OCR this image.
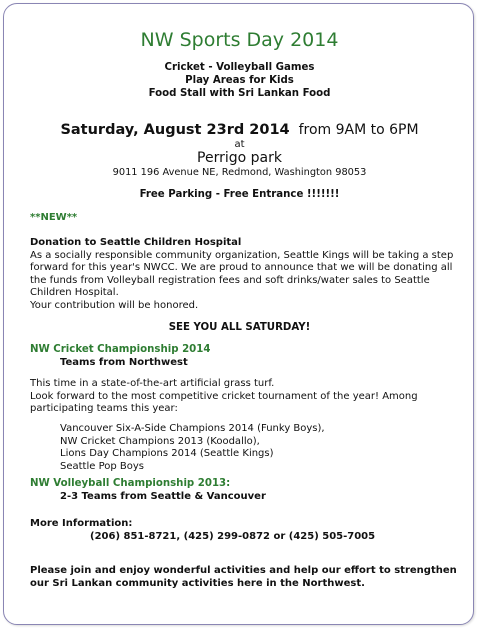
NW Sports Day 2014
Cricket - Volleyball Games
Play Areas for Kids
Food Stall with Sri Lankan Food
Saturday, August 23rd 2014 from 9AM to 6PM
at
Perrigo park
9011 196 Avenue NE, Redmond, Washington 98053
Free Parking - Free Entrance !!!!!!!
**NEW**
Donation to Seattle Children Hospital
As a socially responsible community organization, Seattle Kings will be taking a step
forward for this year's NWCC. We are proud to announce that we will be donating all
the funds from Volleyball registration fees and soft drinks/water sales to Seattle
Children Hospital.
Your contribution will be honored.
SEE YOU ALL SATURDAY!
NW Cricket Championship 2014
Teams from Northwest
This time in a state-of-the-art artificial grass turf.
Look forward to the most competitive cricket tournament of the year! Among
participating teams this year:
Vancouver Six-A-Side Champions 2014 (Funky Boys),
NW Cricket Champions 2013 (Koodallo),
Lions Day Champions 2014 (Seattle Kings)
Seattle Pop Boys
NW Volleyball Championship 2013:
2-3 Teams from Seattle & Vancouver
More Information:
(206) 851-8721, (425) 299-0872 or (425) 505-7005
Please join and enjoy wonderful activities and help our effort to strengthen
our Sri Lankan community activities here in the Northwest.
